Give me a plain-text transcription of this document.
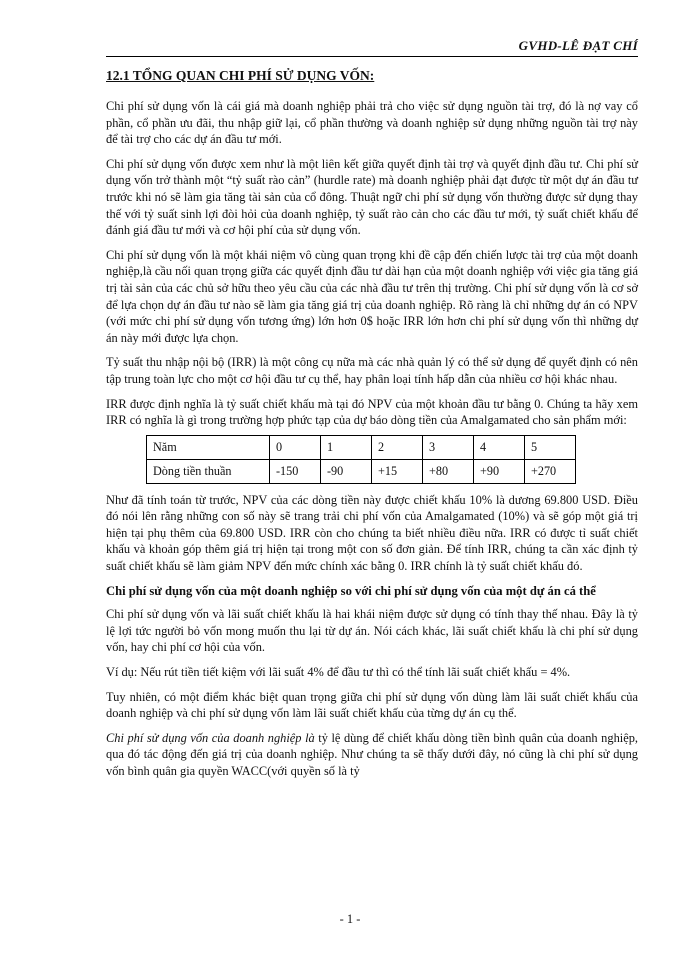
GVHD-LÊ ĐẠT CHÍ
12.1 TỔNG QUAN CHI PHÍ SỬ DỤNG VỐN:

Chi phí sử dụng vốn là cái giá mà doanh nghiệp phải trả cho việc sử dụng nguồn tài trợ, đó là nợ vay cổ phần, cổ phần ưu đãi, thu nhập giữ lại, cổ phần thường và doanh nghiệp sử dụng những nguồn tài trợ này để tài trợ cho các dự án đầu tư mới.

Chi phí sử dụng vốn được xem như là một liên kết giữa quyết định tài trợ và quyết định đầu tư. Chi phí sử dụng vốn trở thành một “tỷ suất rào cản” (hurdle rate) mà doanh nghiệp phải đạt được từ một dự án đầu tư trước khi nó sẽ làm gia tăng tài sản của cổ đông. Thuật ngữ chi phí sử dụng vốn thường được sử dụng thay thế với tỷ suất sinh lợi đòi hỏi của doanh nghiệp, tỷ suất rào cản cho các đầu tư mới, tỷ suất chiết khấu để đánh giá đầu tư mới và cơ hội phí của sử dụng vốn.

Chi phí sử dụng vốn là một khái niệm vô cùng quan trọng khi đề cập đến chiến lược tài trợ của một doanh nghiệp,là cầu nối quan trọng giữa các quyết định đầu tư dài hạn của một doanh nghiệp với việc gia tăng giá trị tài sản của các chủ sở hữu theo yêu cầu của các nhà đầu tư trên thị trường. Chi phí sử dụng vốn là cơ sở để lựa chọn dự án đầu tư nào sẽ làm gia tăng giá trị của doanh nghiệp. Rõ ràng là chỉ những dự án có NPV (với mức chi phí sử dụng vốn tương ứng) lớn hơn 0$ hoặc IRR lớn hơn chi phí sử dụng vốn thì những dự án này mới được lựa chọn.

Tỷ suất thu nhập nội bộ (IRR) là một công cụ nữa mà các nhà quản lý có thể sử dụng để quyết định có nên tập trung toàn lực cho một cơ hội đầu tư cụ thể, hay phân loại tính hấp dẫn của nhiều cơ hội khác nhau.

IRR được định nghĩa là tỷ suất chiết khấu mà tại đó NPV của một khoản đầu tư bằng 0. Chúng ta hãy xem IRR có nghĩa là gì trong trường hợp phức tạp của dự báo dòng tiền của Amalgamated cho sản phẩm mới:

Năm	0	1	2	3	4	5
Dòng tiền thuần	-150	-90	+15	+80	+90	+270

Như đã tính toán từ trước, NPV của các dòng tiền này được chiết khấu 10% là dương 69.800 USD. Điều đó nói lên rằng những con số này sẽ trang trải chi phí vốn của Amalgamated (10%) và sẽ góp một giá trị hiện tại phụ thêm của 69.800 USD. IRR còn cho chúng ta biết nhiều điều nữa. IRR có được tỉ suất chiết khấu và khoản góp thêm giá trị hiện tại trong một con số đơn giản. Để tính IRR, chúng ta cần xác định tỷ suất chiết khấu sẽ làm giảm NPV đến mức chính xác bằng 0. IRR chính là tỷ suất chiết khấu đó.

Chi phí sử dụng vốn của một doanh nghiệp so với chi phí sử dụng vốn của một dự án cá thể

Chi phí sử dụng vốn và lãi suất chiết khấu là hai khái niệm được sử dụng có tính thay thế nhau. Đây là tỷ lệ lợi tức người bỏ vốn mong muốn thu lại từ dự án. Nói cách khác, lãi suất chiết khấu là chi phí sử dụng vốn, hay chi phí cơ hội của vốn.

Ví dụ: Nếu rút tiền tiết kiệm với lãi suất 4% để đầu tư thì có thể tính lãi suất chiết khấu = 4%.

Tuy nhiên, có một điểm khác biệt quan trọng giữa chi phí sử dụng vốn dùng làm lãi suất chiết khấu của doanh nghiệp và chi phí sử dụng vốn làm lãi suất chiết khấu của từng dự án cụ thể.

Chi phí sử dụng vốn của doanh nghiệp là tỷ lệ dùng để chiết khấu dòng tiền bình quân của doanh nghiệp, qua đó tác động đến giá trị của doanh nghiệp. Như chúng ta sẽ thấy dưới đây, nó cũng là chi phí sử dụng vốn bình quân gia quyền WACC(với quyền số là tỷ

- 1 -
